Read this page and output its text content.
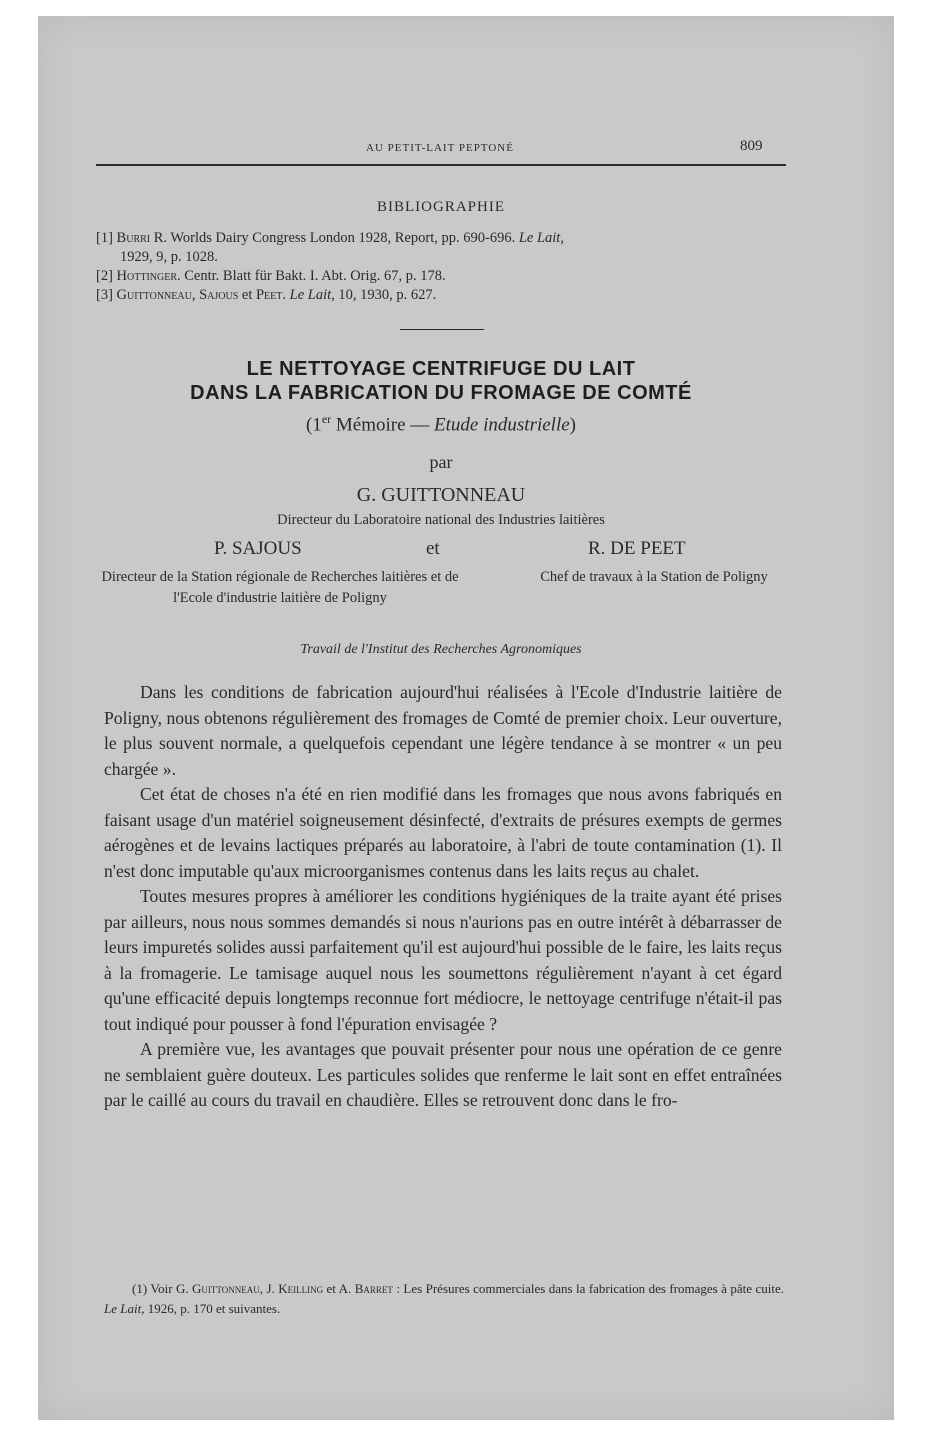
AU PETIT-LAIT PEPTONÉ	809
BIBLIOGRAPHIE

[1] Burri R. Worlds Dairy Congress London 1928, Report, pp. 690-696. Le Lait,
1929, 9, p. 1028.

[2] Hottinger. Centr. Blatt für Bakt. I. Abt. Orig. 67, p. 178.

[3] Guittonneau, Sajous et Peet. Le Lait, 10, 1930, p. 627.

LE NETTOYAGE CENTRIFUGE DU LAIT
DANS LA FABRICATION DU FROMAGE DE COMTÉ
(1er Mémoire — Etude industrielle)
par
G. GUITTONNEAU
Directeur du Laboratoire national des Industries laitières
P. SAJOUS	et	R. DE PEET
Directeur de la Station régionale de Recherches laitières et de l'Ecole d'industrie laitière de Poligny
Chef de travaux à la Station de Poligny
Travail de l'Institut des Recherches Agronomiques

Dans les conditions de fabrication aujourd'hui réalisées à l'Ecole d'Industrie laitière de Poligny, nous obtenons régulièrement des fromages de Comté de premier choix. Leur ouverture, le plus souvent normale, a quelquefois cependant une légère tendance à se montrer « un peu chargée ».

Cet état de choses n'a été en rien modifié dans les fromages que nous avons fabriqués en faisant usage d'un matériel soigneusement désinfecté, d'extraits de présures exempts de germes aérogènes et de levains lactiques préparés au laboratoire, à l'abri de toute contamination (1). Il n'est donc imputable qu'aux microorganismes contenus dans les laits reçus au chalet.

Toutes mesures propres à améliorer les conditions hygiéniques de la traite ayant été prises par ailleurs, nous nous sommes demandés si nous n'aurions pas en outre intérêt à débarrasser de leurs impuretés solides aussi parfaitement qu'il est aujourd'hui possible de le faire, les laits reçus à la fromagerie. Le tamisage auquel nous les soumettons régulièrement n'ayant à cet égard qu'une efficacité depuis longtemps reconnue fort médiocre, le nettoyage centrifuge n'était-il pas tout indiqué pour pousser à fond l'épuration envisagée ?

A première vue, les avantages que pouvait présenter pour nous une opération de ce genre ne semblaient guère douteux. Les particules solides que renferme le lait sont en effet entraînées par le caillé au cours du travail en chaudière. Elles se retrouvent donc dans le fro-

(1) Voir G. Guittonneau, J. Keilling et A. Barret : Les Présures commerciales dans la fabrication des fromages à pâte cuite. Le Lait, 1926, p. 170 et suivantes.
